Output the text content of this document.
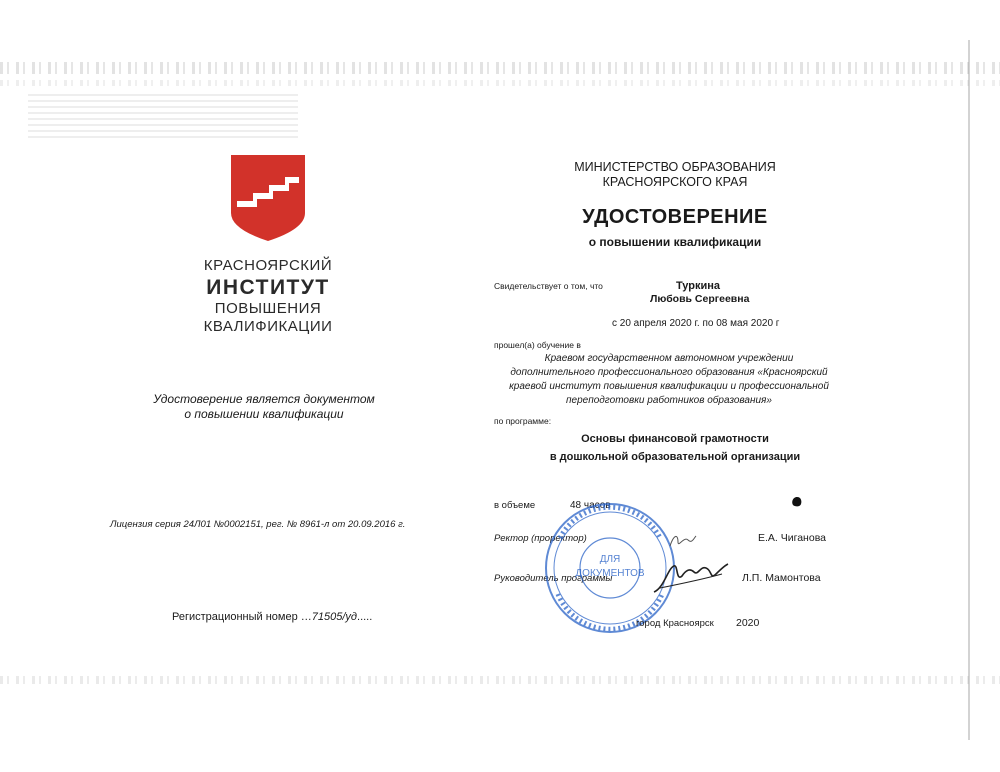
КРАСНОЯРСКИЙ
ИНСТИТУТ
ПОВЫШЕНИЯ
КВАЛИФИКАЦИИ
Удостоверение является документом
о повышении квалификации
Лицензия серия 24Л01 №0002151, рег. № 8961-л от 20.09.2016 г.
Регистрационный номер …71505/уд.....
МИНИСТЕРСТВО ОБРАЗОВАНИЯ
КРАСНОЯРСКОГО КРАЯ
УДОСТОВЕРЕНИЕ
о повышении квалификации
Свидетельствует о том, что	Туркина
Любовь Сергеевна
с 20 апреля 2020 г. по 08 мая 2020 г
прошел(а) обучение в
Краевом государственном автономном учреждении
дополнительного профессионального образования «Красноярский
краевой институт повышения квалификации и профессиональной
переподготовки работников образования»
по программе:
Основы финансовой грамотности
в дошкольной образовательной организации
в объеме	48 часов
Ректор (проректор)	Е.А. Чиганова
Руководитель программы	Л.П. Мамонтова
ДЛЯ
ДОКУМЕНТОВ
город Красноярск 2020
